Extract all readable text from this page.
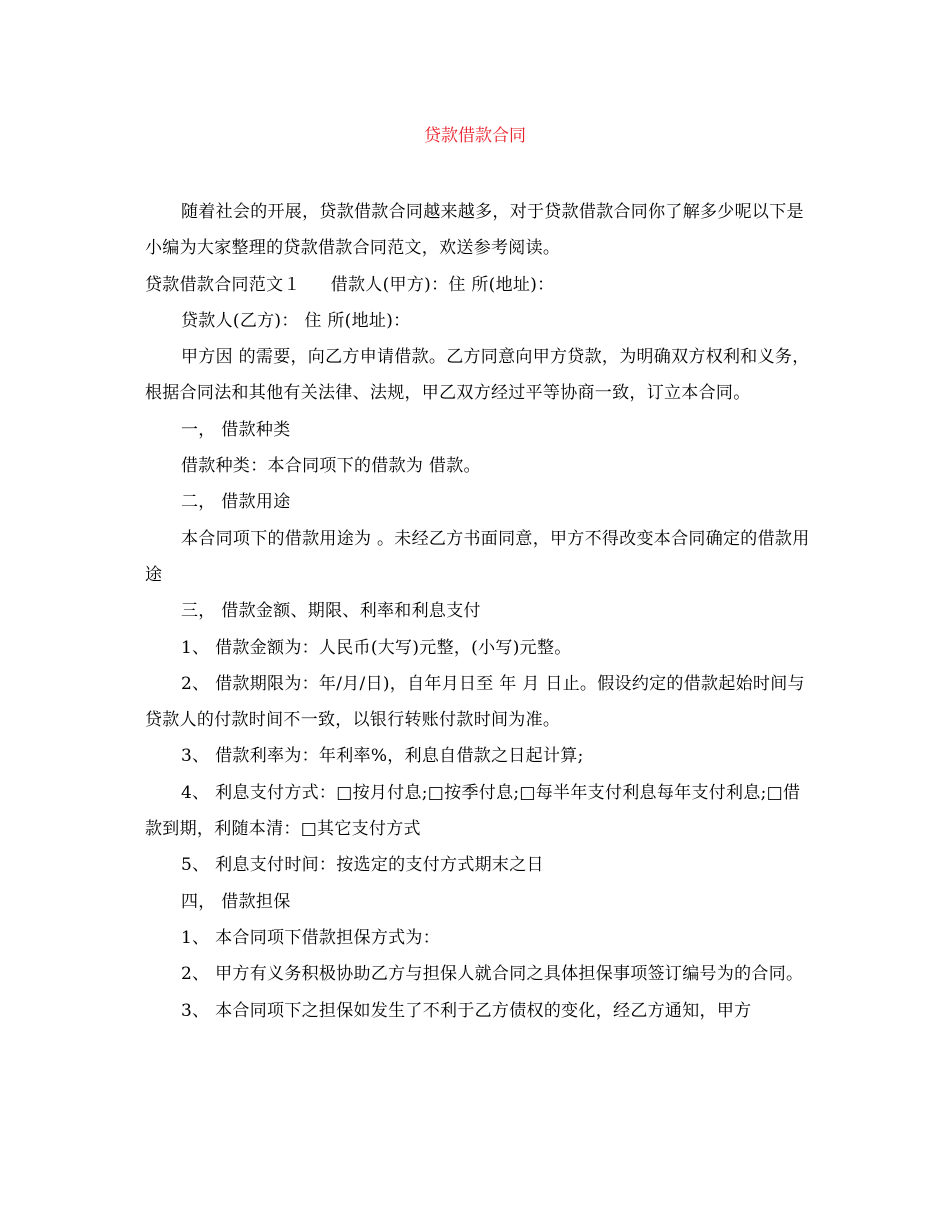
贷款借款合同

随着社会的开展，贷款借款合同越来越多，对于贷款借款合同你了解多少呢以下是小编为大家整理的贷款借款合同范文，欢送参考阅读。

贷款借款合同范文１ 借款人(甲方)：住 所(地址)：

贷款人(乙方)： 住 所(地址)：

甲方因 的需要，向乙方申请借款。乙方同意向甲方贷款，为明确双方权利和义务，根据合同法和其他有关法律、法规，甲乙双方经过平等协商一致，订立本合同。

一， 借款种类

借款种类：本合同项下的借款为 借款。

二， 借款用途

本合同项下的借款用途为 。未经乙方书面同意，甲方不得改变本合同确定的借款用途

三， 借款金额、期限、利率和利息支付

1、 借款金额为：人民币(大写)元整，(小写)元整。

2、 借款期限为：年/月/日)，自年月日至 年 月 日止。假设约定的借款起始时间与贷款人的付款时间不一致，以银行转账付款时间为准。

3、 借款利率为：年利率%，利息自借款之日起计算;

4、 利息支付方式：□按月付息;□按季付息;□每半年支付利息每年支付利息;□借款到期，利随本清：□其它支付方式

5、 利息支付时间：按选定的支付方式期末之日

四， 借款担保

1、 本合同项下借款担保方式为：

2、 甲方有义务积极协助乙方与担保人就合同之具体担保事项签订编号为的合同。

3、 本合同项下之担保如发生了不利于乙方债权的变化，经乙方通知，甲方
